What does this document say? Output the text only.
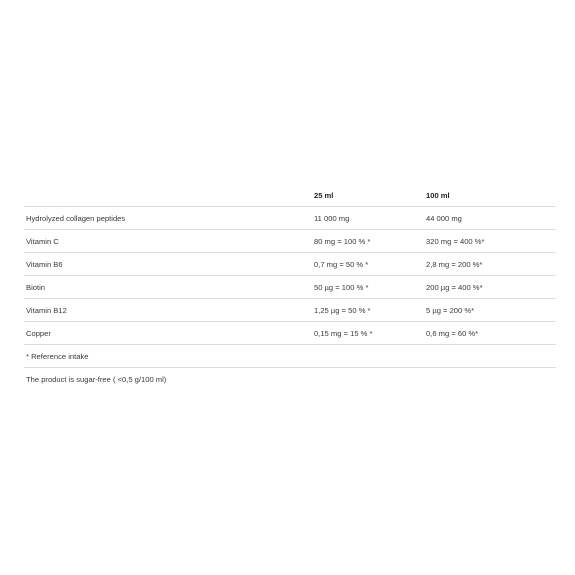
	25 ml	100 ml
Hydrolyzed collagen peptides	11 000 mg	44 000 mg
Vitamin C	80 mg = 100 % *	320 mg = 400 %*
Vitamin B6	0,7 mg = 50 % *	2,8 mg = 200 %*
Biotin	50 µg = 100 % *	200 µg = 400 %*
Vitamin B12	1,25 µg = 50 % *	5 µg = 200 %*
Copper	0,15 mg = 15 % *	0,6 mg = 60 %*
* Reference intake		
The product is sugar-free ( <0,5 g/100 ml)		
